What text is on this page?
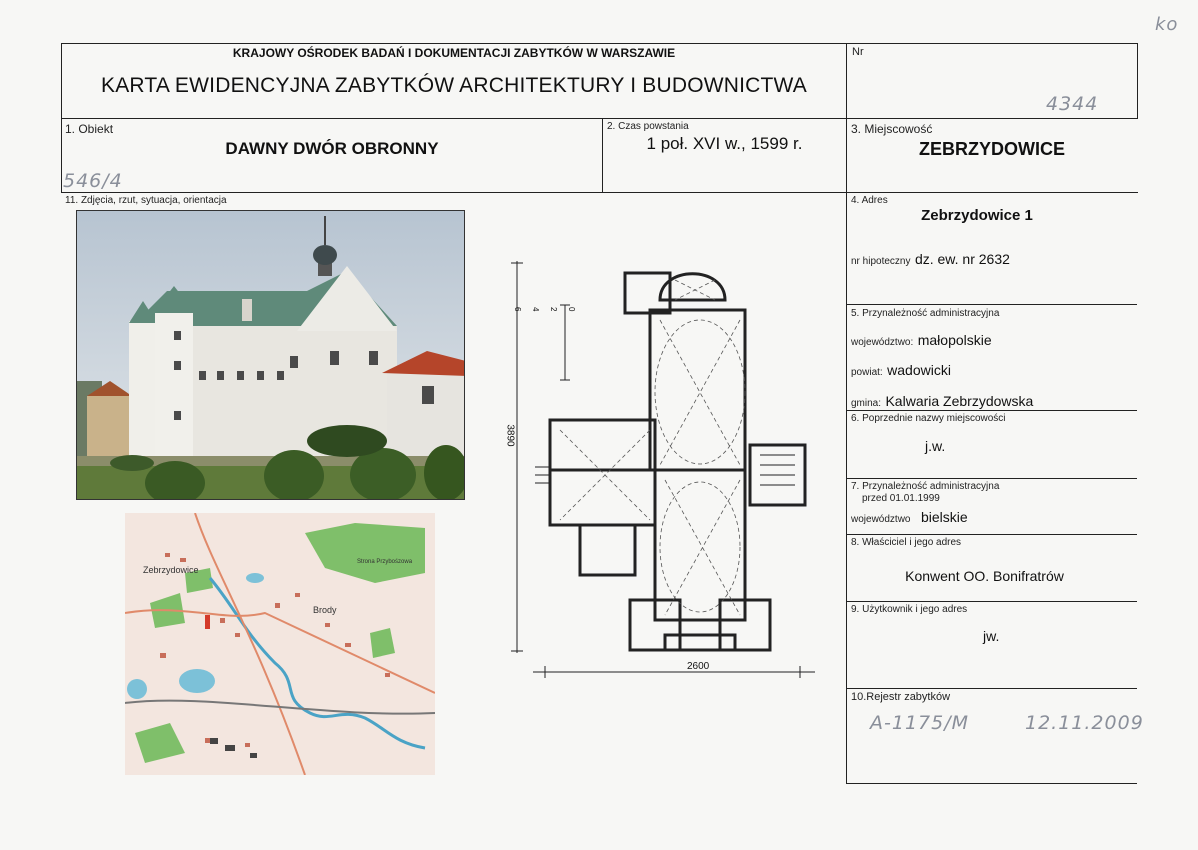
ko
KRAJOWY OŚRODEK BADAŃ I DOKUMENTACJI ZABYTKÓW W WARSZAWIE
KARTA EWIDENCYJNA ZABYTKÓW ARCHITEKTURY I BUDOWNICTWA
Nr
4344
1. Obiekt
DAWNY DWÓR OBRONNY
546/4
2. Czas powstania
1 poł. XVI w., 1599 r.
3. Miejscowość
ZEBRZYDOWICE
11. Zdjęcia, rzut, sytuacja, orientacja
Zebrzydowice
Brody
Strona Przybośzowa
3890
2600
0 2 4 6
4. Adres
Zebrzydowice 1
nr hipoteczny dz. ew. nr 2632
5. Przynależność administracyjna
województwo: małopolskie
powiat: wadowicki
gmina: Kalwaria Zebrzydowska
6. Poprzednie nazwy miejscowości
j.w.
7. Przynależność administracyjna
przed 01.01.1999
województwo bielskie
8. Właściciel i jego adres
Konwent OO. Bonifratrów
9. Użytkownik i jego adres
jw.
10.Rejestr zabytków
A-1175/M	12.11.2009
